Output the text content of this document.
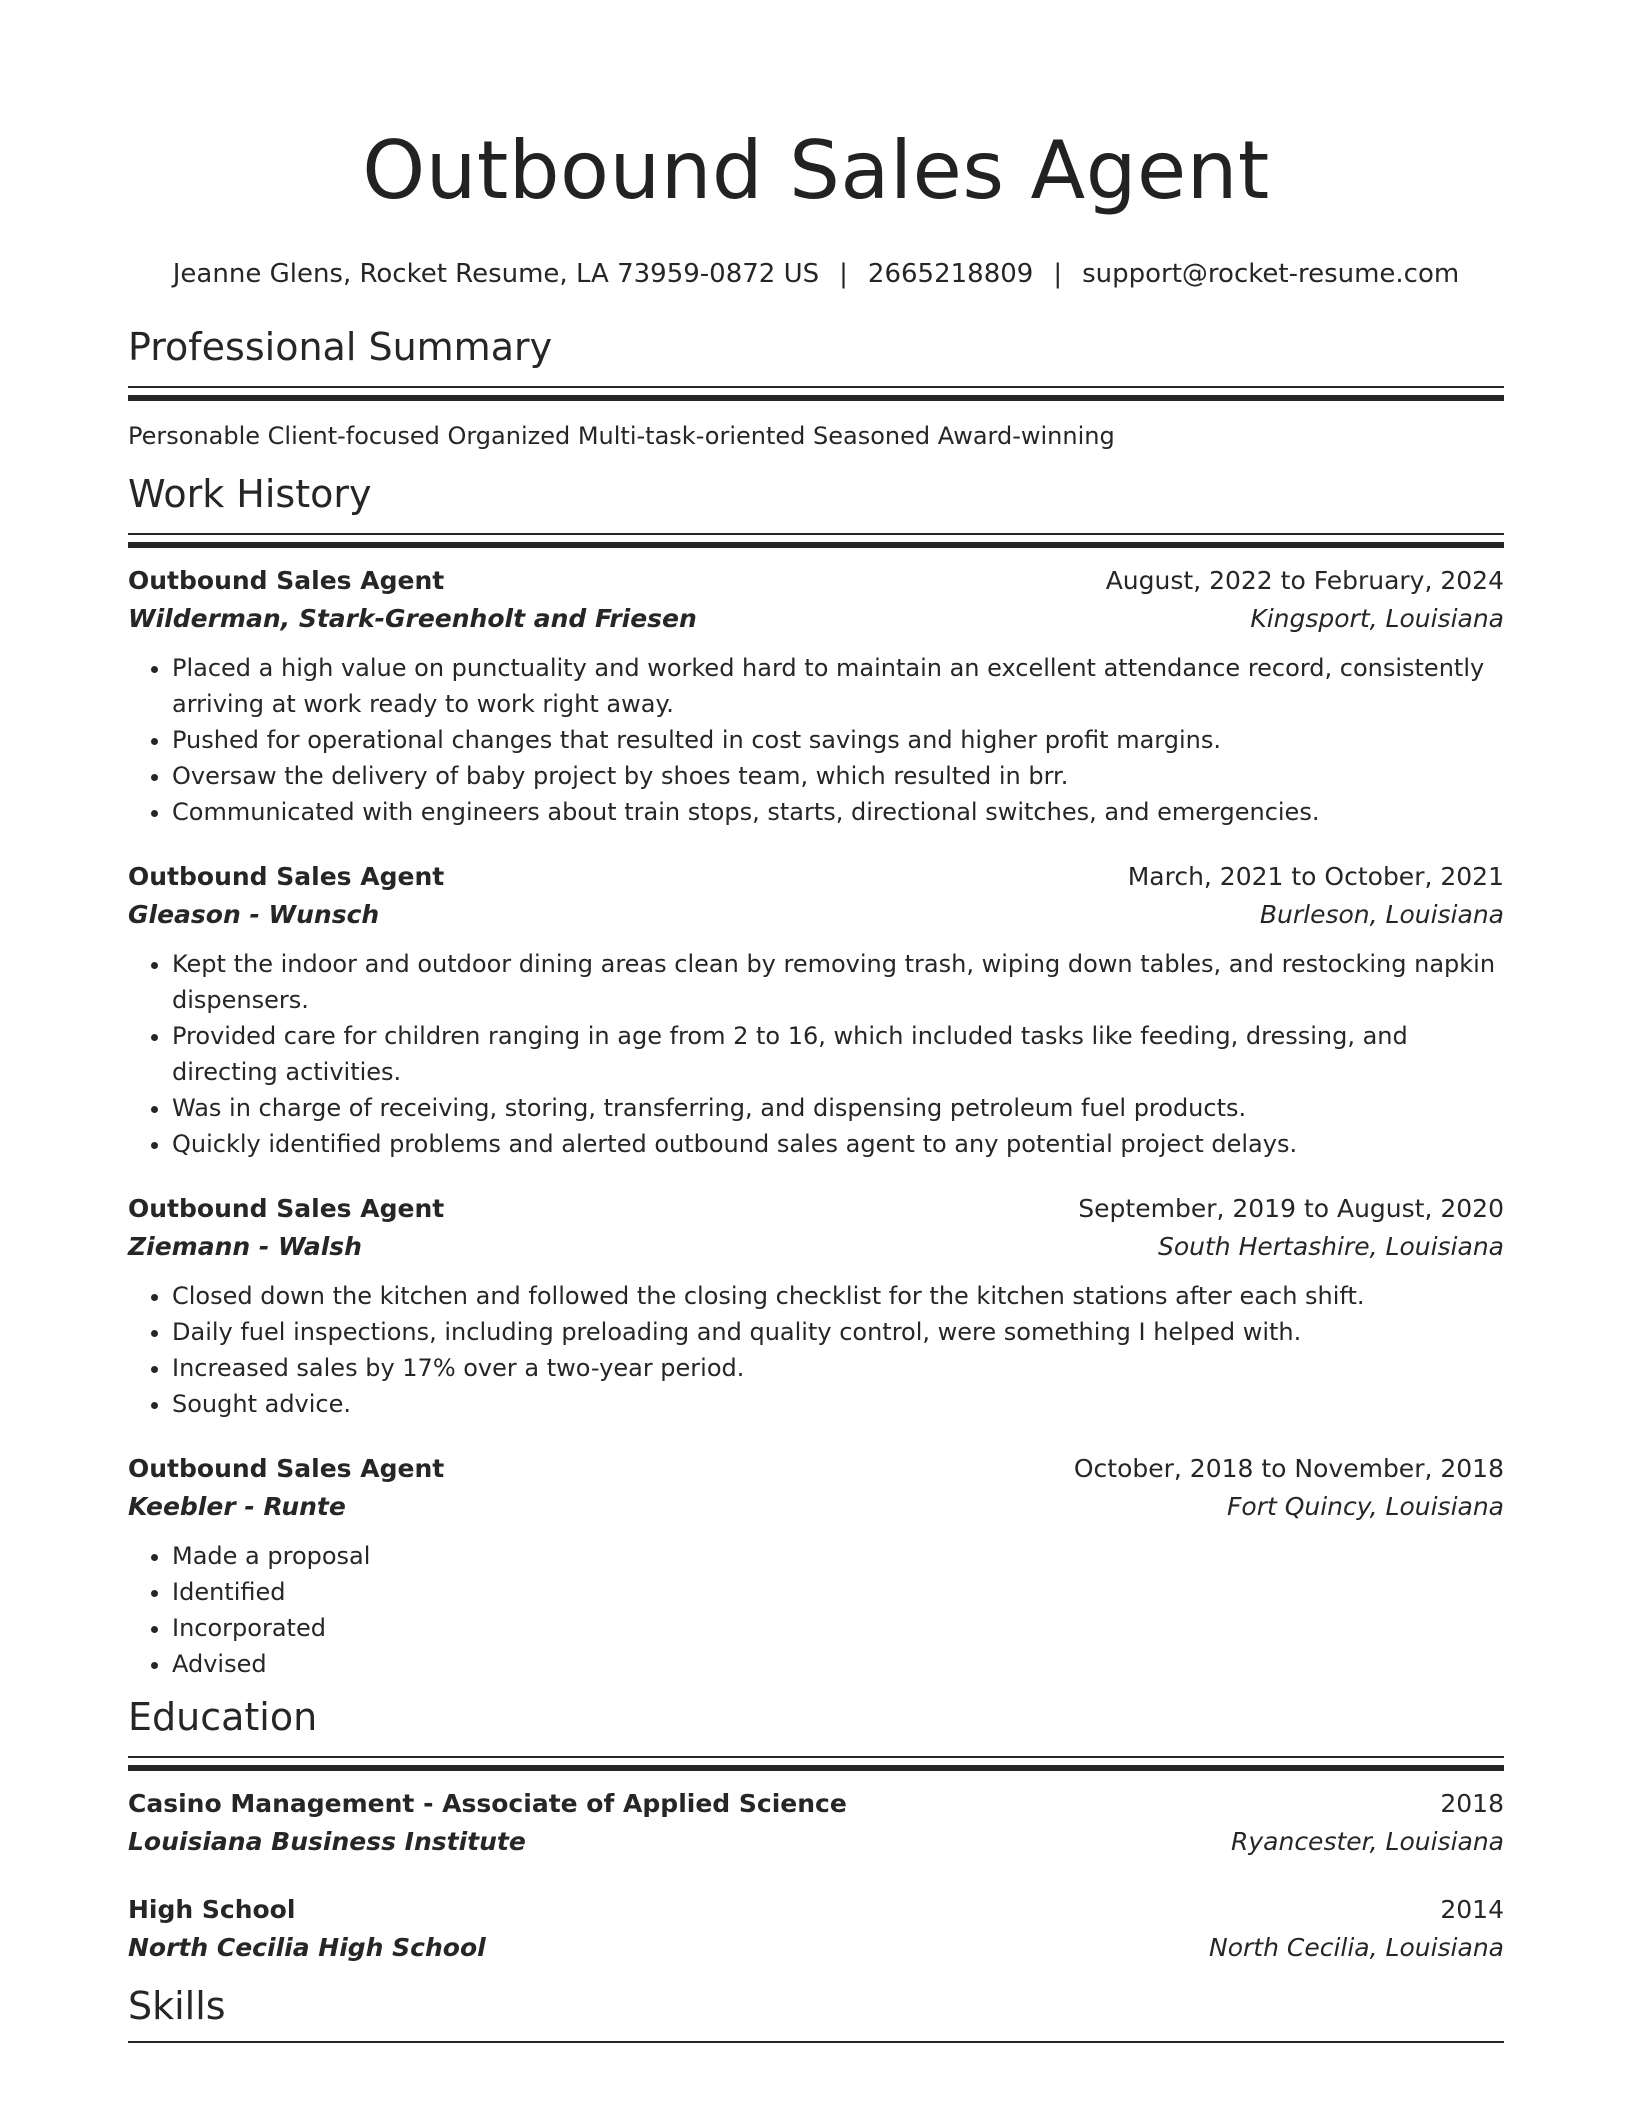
Outbound Sales Agent
Jeanne Glens, Rocket Resume, LA 73959-0872 US | 2665218809 | support@rocket-resume.com
Professional Summary
Personable Client-focused Organized Multi-task-oriented Seasoned Award-winning
Work History
Outbound Sales Agent	August, 2022 to February, 2024
Wilderman, Stark-Greenholt and Friesen	Kingsport, Louisiana
• Placed a high value on punctuality and worked hard to maintain an excellent attendance record, consistently arriving at work ready to work right away.
• Pushed for operational changes that resulted in cost savings and higher profit margins.
• Oversaw the delivery of baby project by shoes team, which resulted in brr.
• Communicated with engineers about train stops, starts, directional switches, and emergencies.
Outbound Sales Agent	March, 2021 to October, 2021
Gleason - Wunsch	Burleson, Louisiana
• Kept the indoor and outdoor dining areas clean by removing trash, wiping down tables, and restocking napkin dispensers.
• Provided care for children ranging in age from 2 to 16, which included tasks like feeding, dressing, and directing activities.
• Was in charge of receiving, storing, transferring, and dispensing petroleum fuel products.
• Quickly identified problems and alerted outbound sales agent to any potential project delays.
Outbound Sales Agent	September, 2019 to August, 2020
Ziemann - Walsh	South Hertashire, Louisiana
• Closed down the kitchen and followed the closing checklist for the kitchen stations after each shift.
• Daily fuel inspections, including preloading and quality control, were something I helped with.
• Increased sales by 17% over a two-year period.
• Sought advice.
Outbound Sales Agent	October, 2018 to November, 2018
Keebler - Runte	Fort Quincy, Louisiana
• Made a proposal
• Identified
• Incorporated
• Advised
Education
Casino Management - Associate of Applied Science	2018
Louisiana Business Institute	Ryancester, Louisiana
High School	2014
North Cecilia High School	North Cecilia, Louisiana
Skills
